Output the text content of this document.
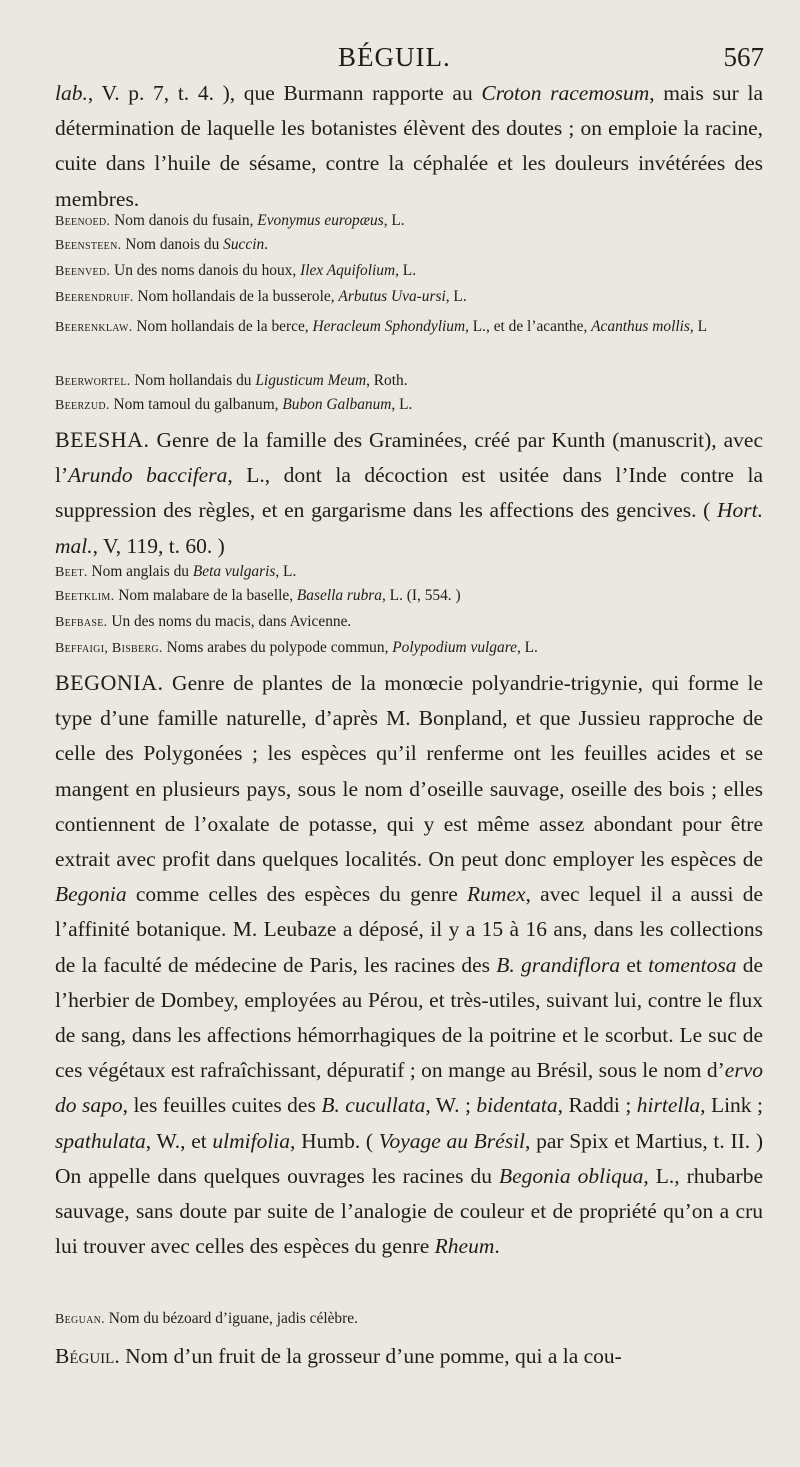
BÉGUIL.	567

lab., V. p. 7, t. 4. ), que Burmann rapporte au Croton racemosum, mais sur la détermination de laquelle les botanistes élèvent des doutes ; on emploie la racine, cuite dans l’huile de sésame, contre la céphalée et les douleurs invétérées des membres.

Beenoed. Nom danois du fusain, Evonymus europæus, L.

Beensteen. Nom danois du Succin.

Beenved. Un des noms danois du houx, Ilex Aquifolium, L.

Beerendruif. Nom hollandais de la busserole, Arbutus Uva-ursi, L.

Beerenklaw. Nom hollandais de la berce, Heracleum Sphondylium, L., et de l’acanthe, Acanthus mollis, L

Beerwortel. Nom hollandais du Ligusticum Meum, Roth.

Beerzud. Nom tamoul du galbanum, Bubon Galbanum, L.

BEESHA. Genre de la famille des Graminées, créé par Kunth (manuscrit), avec l’Arundo baccifera, L., dont la décoction est usitée dans l’Inde contre la suppression des règles, et en gargarisme dans les affections des gencives. ( Hort. mal., V, 119, t. 60. )

Beet. Nom anglais du Beta vulgaris, L.

Beetklim. Nom malabare de la baselle, Basella rubra, L. (I, 554. )

Befbase. Un des noms du macis, dans Avicenne.

Beffaigi, Bisberg. Noms arabes du polypode commun, Polypodium vulgare, L.

BEGONIA. Genre de plantes de la monœcie polyandrie-trigynie, qui forme le type d’une famille naturelle, d’après M. Bonpland, et que Jussieu rapproche de celle des Polygonées ; les espèces qu’il renferme ont les feuilles acides et se mangent en plusieurs pays, sous le nom d’oseille sauvage, oseille des bois ; elles contiennent de l’oxalate de potasse, qui y est même assez abondant pour être extrait avec profit dans quelques localités. On peut donc employer les espèces de Begonia comme celles des espèces du genre Rumex, avec lequel il a aussi de l’affinité botanique. M. Leubaze a déposé, il y a 15 à 16 ans, dans les collections de la faculté de médecine de Paris, les racines des B. grandiflora et tomentosa de l’herbier de Dombey, employées au Pérou, et très-utiles, suivant lui, contre le flux de sang, dans les affections hémorrhagiques de la poitrine et le scorbut. Le suc de ces végétaux est rafraîchissant, dépuratif ; on mange au Brésil, sous le nom d’ervo do sapo, les feuilles cuites des B. cucullata, W. ; bidentata, Raddi ; hirtella, Link ; spathulata, W., et ulmifolia, Humb. ( Voyage au Brésil, par Spix et Martius, t. II. ) On appelle dans quelques ouvrages les racines du Begonia obliqua, L., rhubarbe sauvage, sans doute par suite de l’analogie de couleur et de propriété qu’on a cru lui trouver avec celles des espèces du genre Rheum.

Beguan. Nom du bézoard d’iguane, jadis célèbre.

Béguil. Nom d’un fruit de la grosseur d’une pomme, qui a la cou-
